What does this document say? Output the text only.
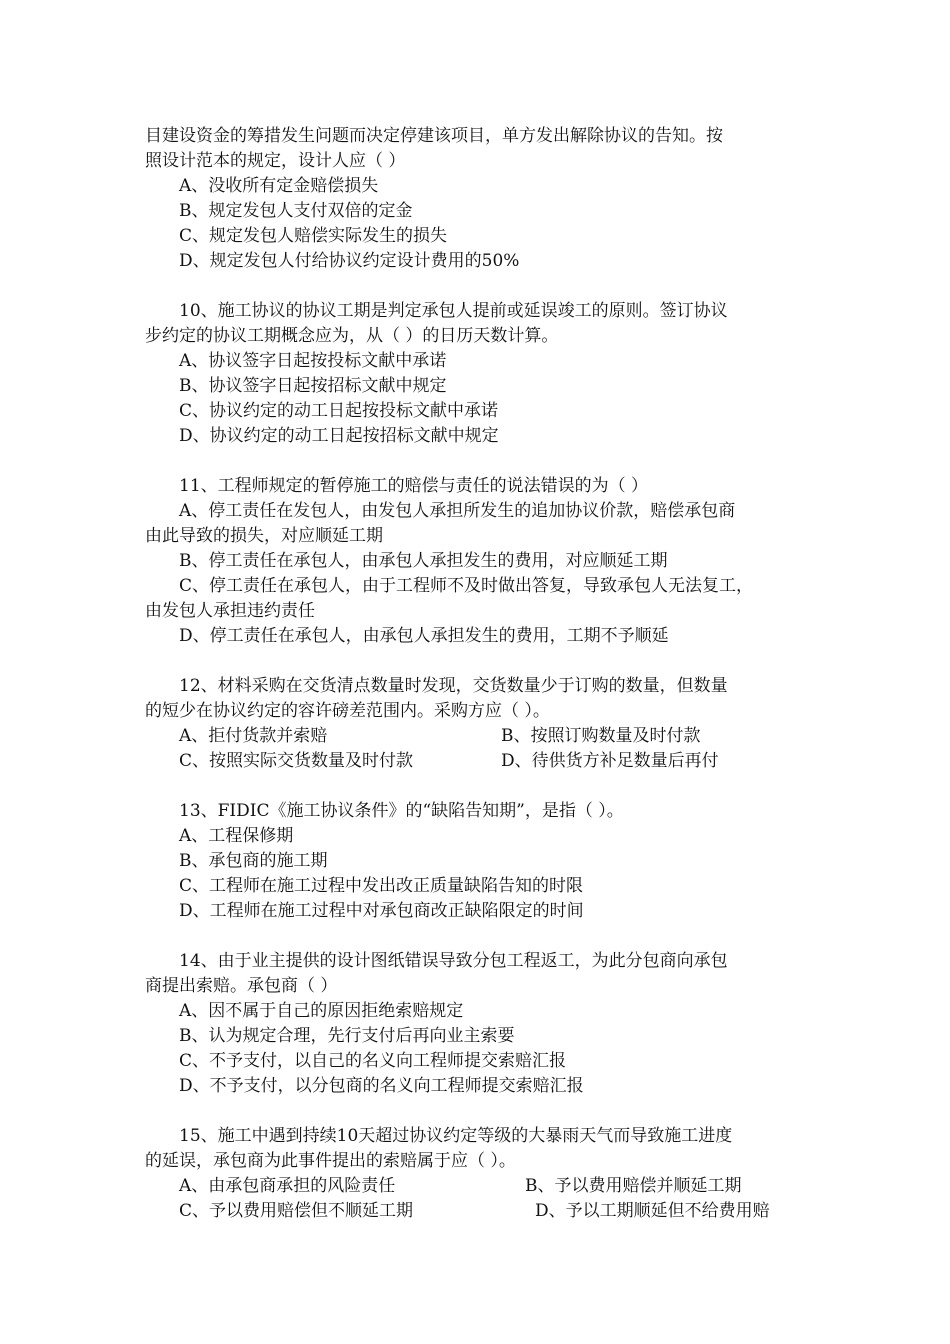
目建设资金的筹措发生问题而决定停建该项目，单方发出解除协议的告知。按
照设计范本的规定，设计人应（ ）
A、没收所有定金赔偿损失
B、规定发包人支付双倍的定金
C、规定发包人赔偿实际发生的损失
D、规定发包人付给协议约定设计费用的50%
10、施工协议的协议工期是判定承包人提前或延误竣工的原则。签订协议
步约定的协议工期概念应为，从（ ）的日历天数计算。
A、协议签字日起按投标文献中承诺
B、协议签字日起按招标文献中规定
C、协议约定的动工日起按投标文献中承诺
D、协议约定的动工日起按招标文献中规定
11、工程师规定的暂停施工的赔偿与责任的说法错误的为（ ）
A、停工责任在发包人，由发包人承担所发生的追加协议价款，赔偿承包商
由此导致的损失，对应顺延工期
B、停工责任在承包人，由承包人承担发生的费用，对应顺延工期
C、停工责任在承包人，由于工程师不及时做出答复，导致承包人无法复工，
由发包人承担违约责任
D、停工责任在承包人，由承包人承担发生的费用，工期不予顺延
12、材料采购在交货清点数量时发现，交货数量少于订购的数量，但数量
的短少在协议约定的容许磅差范围内。采购方应（ ）。
A、拒付货款并索赔	B、按照订购数量及时付款
C、按照实际交货数量及时付款	D、待供货方补足数量后再付
13、FIDIC《施工协议条件》的“缺陷告知期”，是指（ ）。
A、工程保修期
B、承包商的施工期
C、工程师在施工过程中发出改正质量缺陷告知的时限
D、工程师在施工过程中对承包商改正缺陷限定的时间
14、由于业主提供的设计图纸错误导致分包工程返工，为此分包商向承包
商提出索赔。承包商（ ）
A、因不属于自己的原因拒绝索赔规定
B、认为规定合理，先行支付后再向业主索要
C、不予支付，以自己的名义向工程师提交索赔汇报
D、不予支付，以分包商的名义向工程师提交索赔汇报
15、施工中遇到持续10天超过协议约定等级的大暴雨天气而导致施工进度
的延误，承包商为此事件提出的索赔属于应（ ）。
A、由承包商承担的风险责任	B、予以费用赔偿并顺延工期
C、予以费用赔偿但不顺延工期	D、予以工期顺延但不给费用赔
